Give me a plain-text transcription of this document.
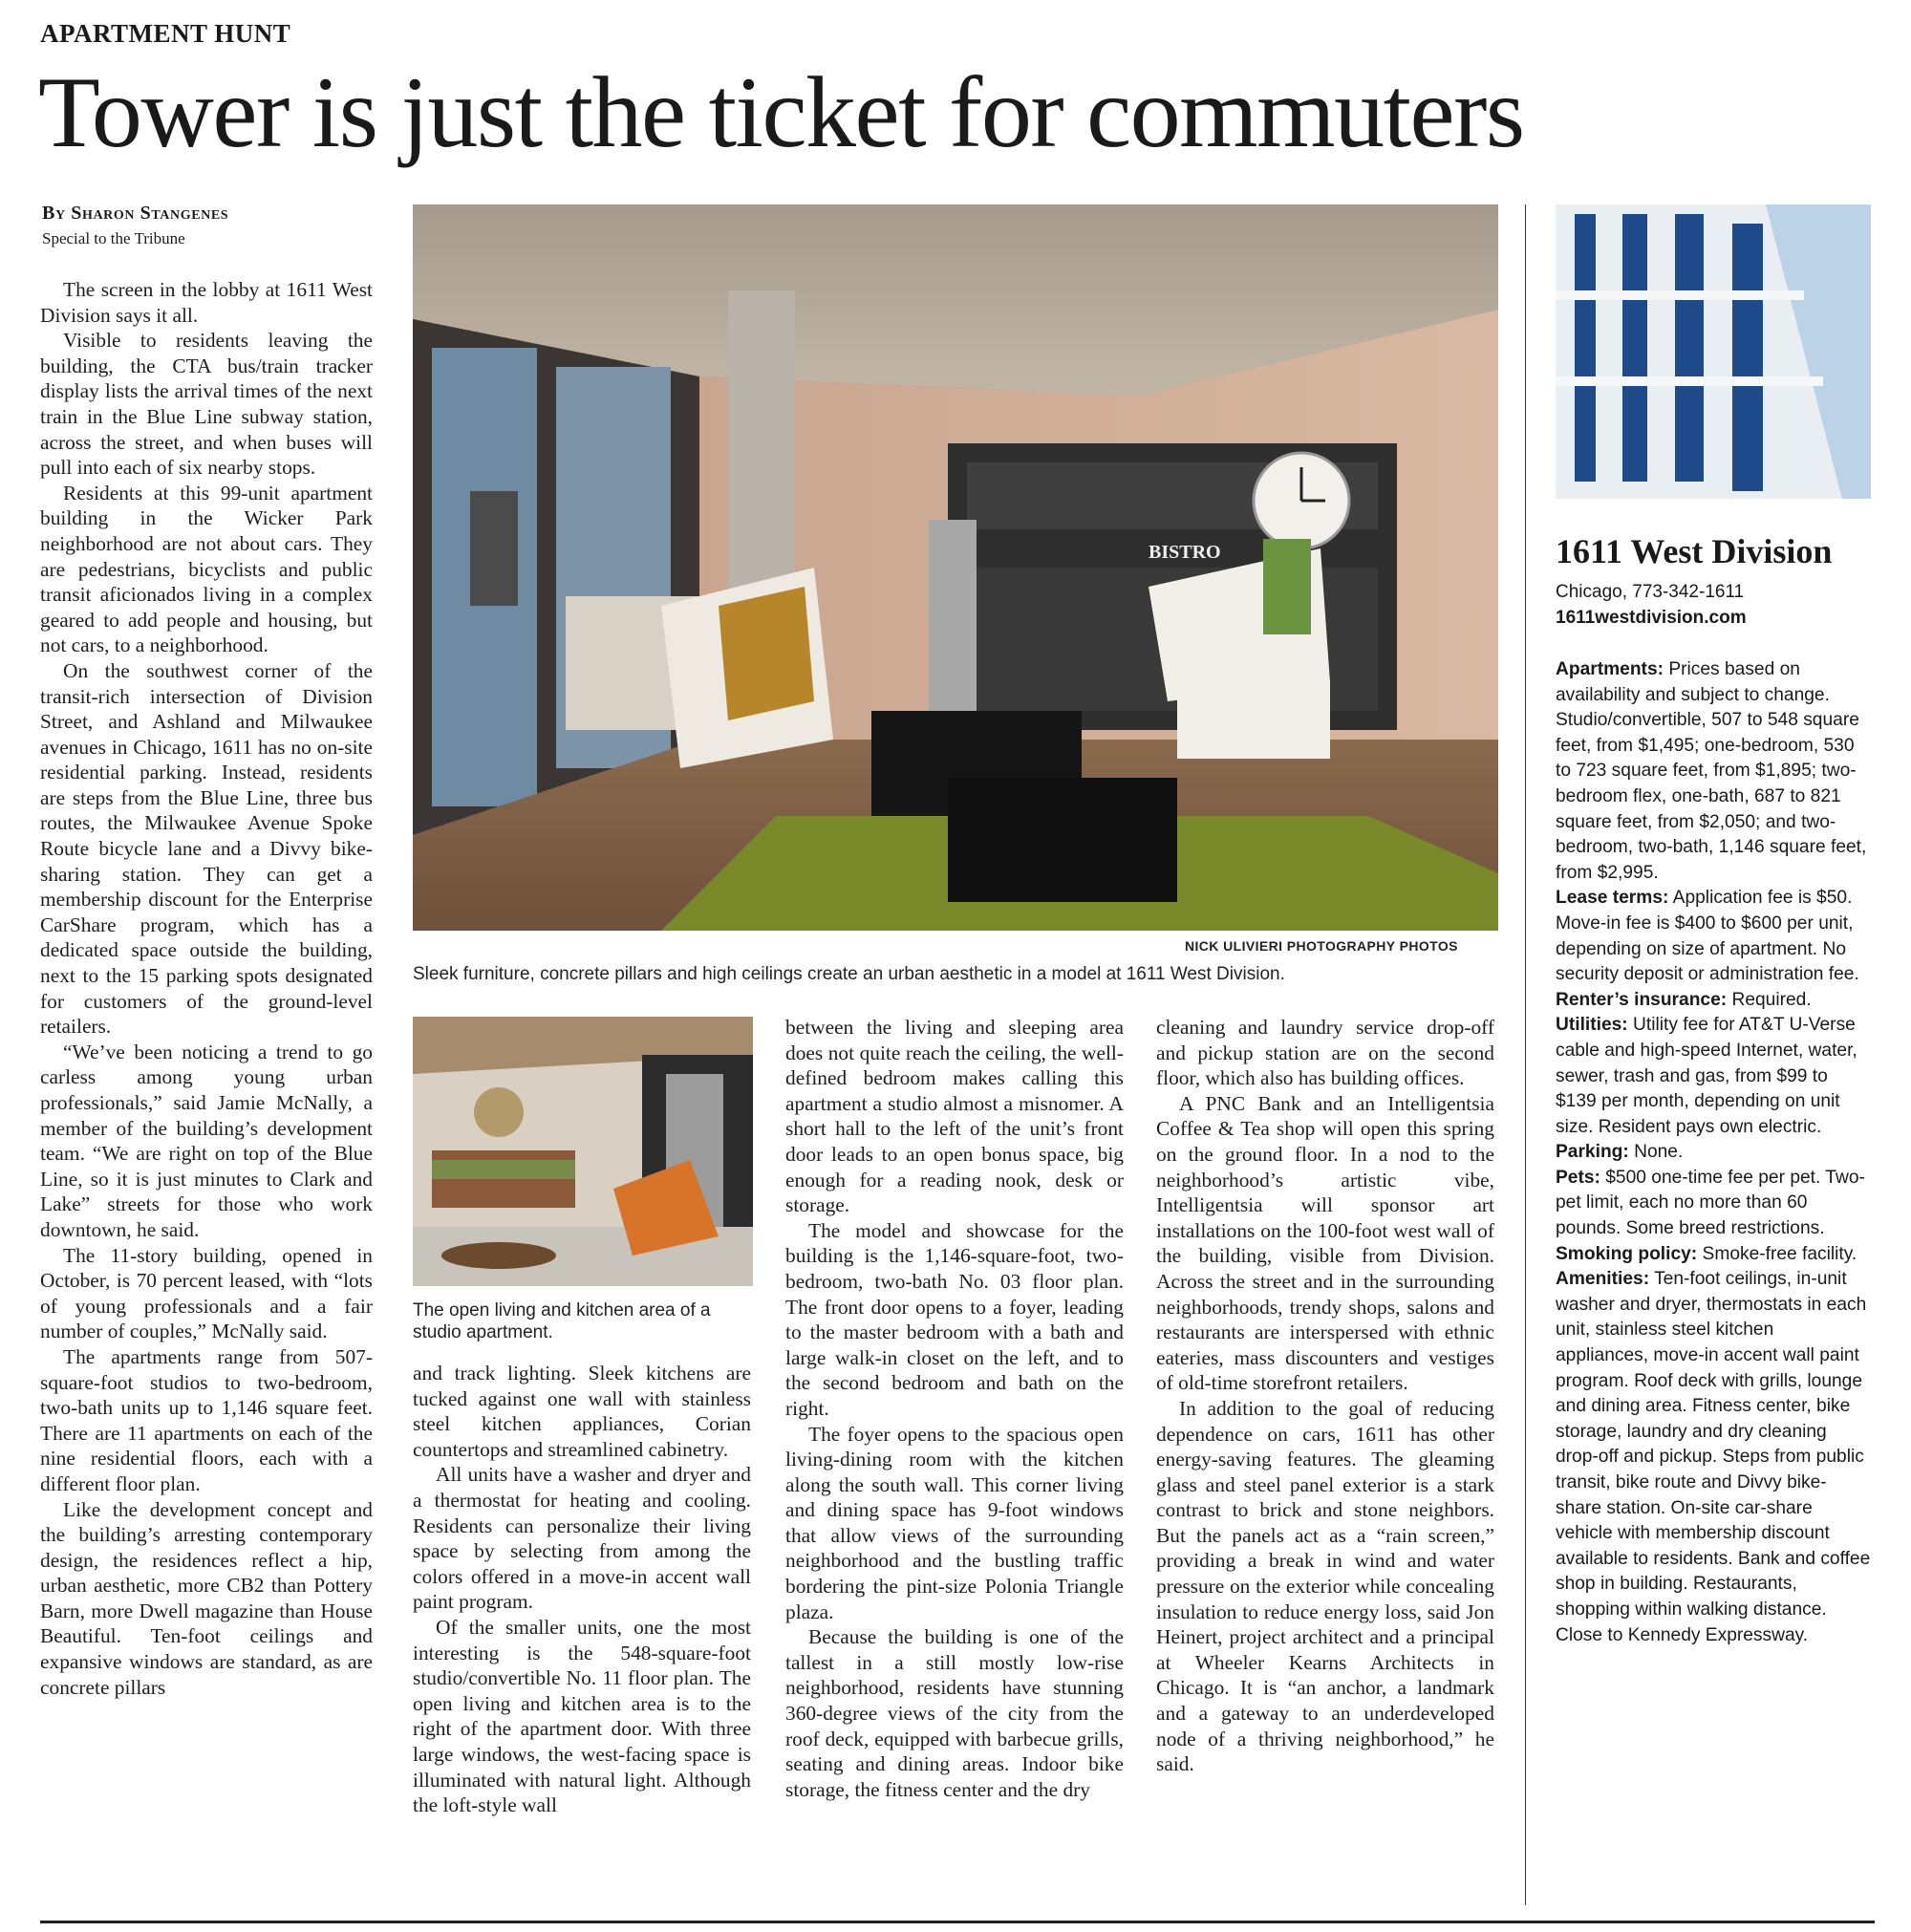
APARTMENT HUNT
Tower is just the ticket for commuters
By Sharon Stangenes
Special to the Tribune

The screen in the lobby at 1611 West Division says it all.

Visible to residents leaving the building, the CTA bus/train tracker display lists the arrival times of the next train in the Blue Line subway station, across the street, and when buses will pull into each of six nearby stops.

Residents at this 99-unit apartment building in the Wicker Park neighborhood are not about cars. They are pedestrians, bicyclists and public transit aficionados living in a complex geared to add people and housing, but not cars, to a neighborhood.

On the southwest corner of the transit-rich intersection of Division Street, and Ashland and Milwaukee avenues in Chicago, 1611 has no on-site residential parking. Instead, residents are steps from the Blue Line, three bus routes, the Milwaukee Avenue Spoke Route bicycle lane and a Divvy bike-sharing station. They can get a membership discount for the Enterprise CarShare program, which has a dedicated space outside the building, next to the 15 parking spots designated for customers of the ground-level retailers.

“We’ve been noticing a trend to go carless among young urban professionals,” said Jamie McNally, a member of the building’s development team. “We are right on top of the Blue Line, so it is just minutes to Clark and Lake” streets for those who work downtown, he said.

The 11-story building, opened in October, is 70 percent leased, with “lots of young professionals and a fair number of couples,” McNally said.

The apartments range from 507-square-foot studios to two-bedroom, two-bath units up to 1,146 square feet. There are 11 apartments on each of the nine residential floors, each with a different floor plan.

Like the development concept and the building’s arresting contemporary design, the residences reflect a hip, urban aesthetic, more CB2 than Pottery Barn, more Dwell magazine than House Beautiful. Ten-foot ceilings and expansive windows are standard, as are concrete pillars

BISTRO
NICK ULIVIERI PHOTOGRAPHY PHOTOS
Sleek furniture, concrete pillars and high ceilings create an urban aesthetic in a model at 1611 West Division.
The open living and kitchen area of a studio apartment.

and track lighting. Sleek kitchens are tucked against one wall with stainless steel kitchen appliances, Corian countertops and streamlined cabinetry.

All units have a washer and dryer and a thermostat for heating and cooling. Residents can personalize their living space by selecting from among the colors offered in a move-in accent wall paint program.

Of the smaller units, one the most interesting is the 548-square-foot studio/convertible No. 11 floor plan. The open living and kitchen area is to the right of the apartment door. With three large windows, the west-facing space is illuminated with natural light. Although the loft-style wall

between the living and sleeping area does not quite reach the ceiling, the well-defined bedroom makes calling this apartment a studio almost a misnomer. A short hall to the left of the unit’s front door leads to an open bonus space, big enough for a reading nook, desk or storage.

The model and showcase for the building is the 1,146-square-foot, two-bedroom, two-bath No. 03 floor plan. The front door opens to a foyer, leading to the master bedroom with a bath and large walk-in closet on the left, and to the second bedroom and bath on the right.

The foyer opens to the spacious open living-dining room with the kitchen along the south wall. This corner living and dining space has 9-foot windows that allow views of the surrounding neighborhood and the bustling traffic bordering the pint-size Polonia Triangle plaza.

Because the building is one of the tallest in a still mostly low-rise neighborhood, residents have stunning 360-degree views of the city from the roof deck, equipped with barbecue grills, seating and dining areas. Indoor bike storage, the fitness center and the dry

cleaning and laundry service drop-off and pickup station are on the second floor, which also has building offices.

A PNC Bank and an Intelligentsia Coffee & Tea shop will open this spring on the ground floor. In a nod to the neighborhood’s artistic vibe, Intelligentsia will sponsor art installations on the 100-foot west wall of the building, visible from Division. Across the street and in the surrounding neighborhoods, trendy shops, salons and restaurants are interspersed with ethnic eateries, mass discounters and vestiges of old-time storefront retailers.

In addition to the goal of reducing dependence on cars, 1611 has other energy-saving features. The gleaming glass and steel panel exterior is a stark contrast to brick and stone neighbors. But the panels act as a “rain screen,” providing a break in wind and water pressure on the exterior while concealing insulation to reduce energy loss, said Jon Heinert, project architect and a principal at Wheeler Kearns Architects in Chicago. It is “an anchor, a landmark and a gateway to an underdeveloped node of a thriving neighborhood,” he said.

1611 West Division
Chicago, 773-342-1611
1611westdivision.com
Apartments: Prices based on availability and subject to change. Studio/convertible, 507 to 548 square feet, from $1,495; one-bedroom, 530 to 723 square feet, from $1,895; two-bedroom flex, one-bath, 687 to 821 square feet, from $2,050; and two-bedroom, two-bath, 1,146 square feet, from $2,995.
Lease terms: Application fee is $50. Move-in fee is $400 to $600 per unit, depending on size of apartment. No security deposit or administration fee.
Renter’s insurance: Required.
Utilities: Utility fee for AT&T U-Verse cable and high-speed Internet, water, sewer, trash and gas, from $99 to $139 per month, depending on unit size. Resident pays own electric.
Parking: None.
Pets: $500 one-time fee per pet. Two-pet limit, each no more than 60 pounds. Some breed restrictions.
Smoking policy: Smoke-free facility.
Amenities: Ten-foot ceilings, in-unit washer and dryer, thermostats in each unit, stainless steel kitchen appliances, move-in accent wall paint program. Roof deck with grills, lounge and dining area. Fitness center, bike storage, laundry and dry cleaning drop-off and pickup. Steps from public transit, bike route and Divvy bike-share station. On-site car-share vehicle with membership discount available to residents. Bank and coffee shop in building. Restaurants, shopping within walking distance. Close to Kennedy Expressway.
